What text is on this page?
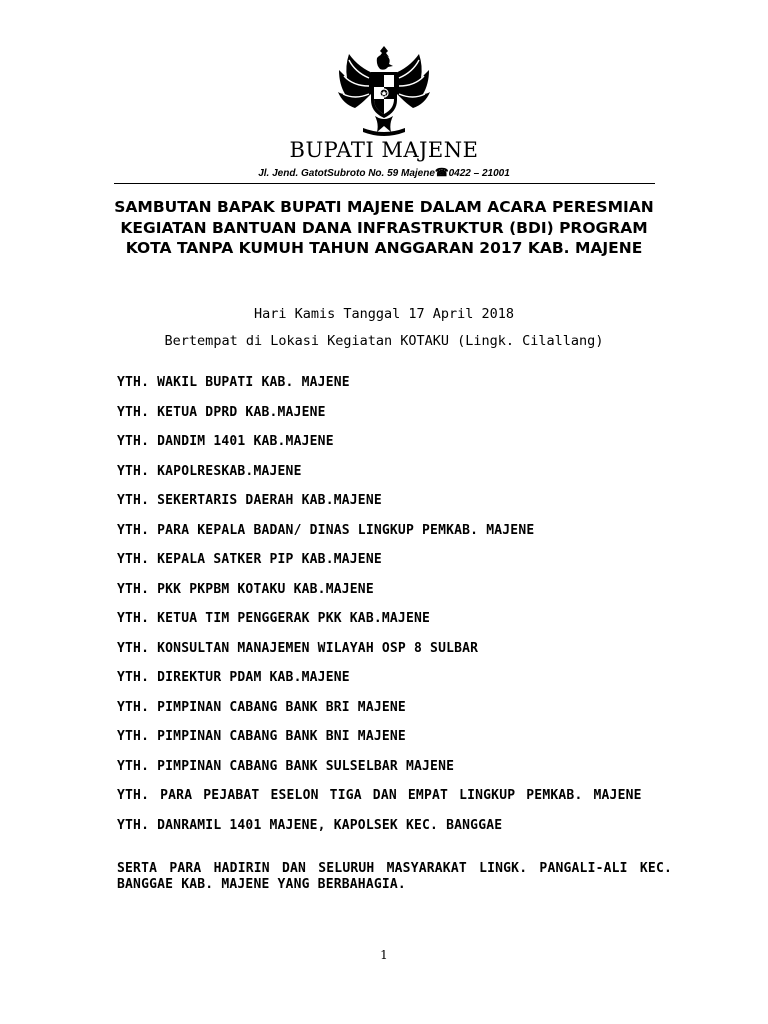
BUPATI MAJENE
Jl. Jend. GatotSubroto No. 59 Majene☎0422 – 21001
SAMBUTAN BAPAK BUPATI MAJENE DALAM ACARA PERESMIAN KEGIATAN BANTUAN DANA INFRASTRUKTUR (BDI) PROGRAM KOTA TANPA KUMUH TAHUN ANGGARAN 2017 KAB. MAJENE
Hari Kamis Tanggal 17 April 2018
Bertempat di Lokasi Kegiatan KOTAKU (Lingk. Cilallang)
YTH. WAKIL BUPATI KAB. MAJENE
YTH. KETUA DPRD KAB.MAJENE
YTH. DANDIM 1401 KAB.MAJENE
YTH. KAPOLRESKAB.MAJENE
YTH. SEKERTARIS DAERAH KAB.MAJENE
YTH. PARA KEPALA BADAN/ DINAS LINGKUP PEMKAB. MAJENE
YTH. KEPALA SATKER PIP KAB.MAJENE
YTH. PKK PKPBM KOTAKU KAB.MAJENE
YTH. KETUA TIM PENGGERAK PKK KAB.MAJENE
YTH. KONSULTAN MANAJEMEN WILAYAH OSP 8 SULBAR
YTH. DIREKTUR PDAM KAB.MAJENE
YTH. PIMPINAN CABANG BANK BRI MAJENE
YTH. PIMPINAN CABANG BANK BNI MAJENE
YTH. PIMPINAN CABANG BANK SULSELBAR MAJENE
YTH. PARA PEJABAT ESELON TIGA DAN EMPAT LINGKUP PEMKAB. MAJENE
YTH. DANRAMIL 1401 MAJENE, KAPOLSEK KEC. BANGGAE
SERTA PARA HADIRIN DAN SELURUH MASYARAKAT LINGK. PANGALI-ALI KEC. BANGGAE KAB. MAJENE YANG BERBAHAGIA.
1
